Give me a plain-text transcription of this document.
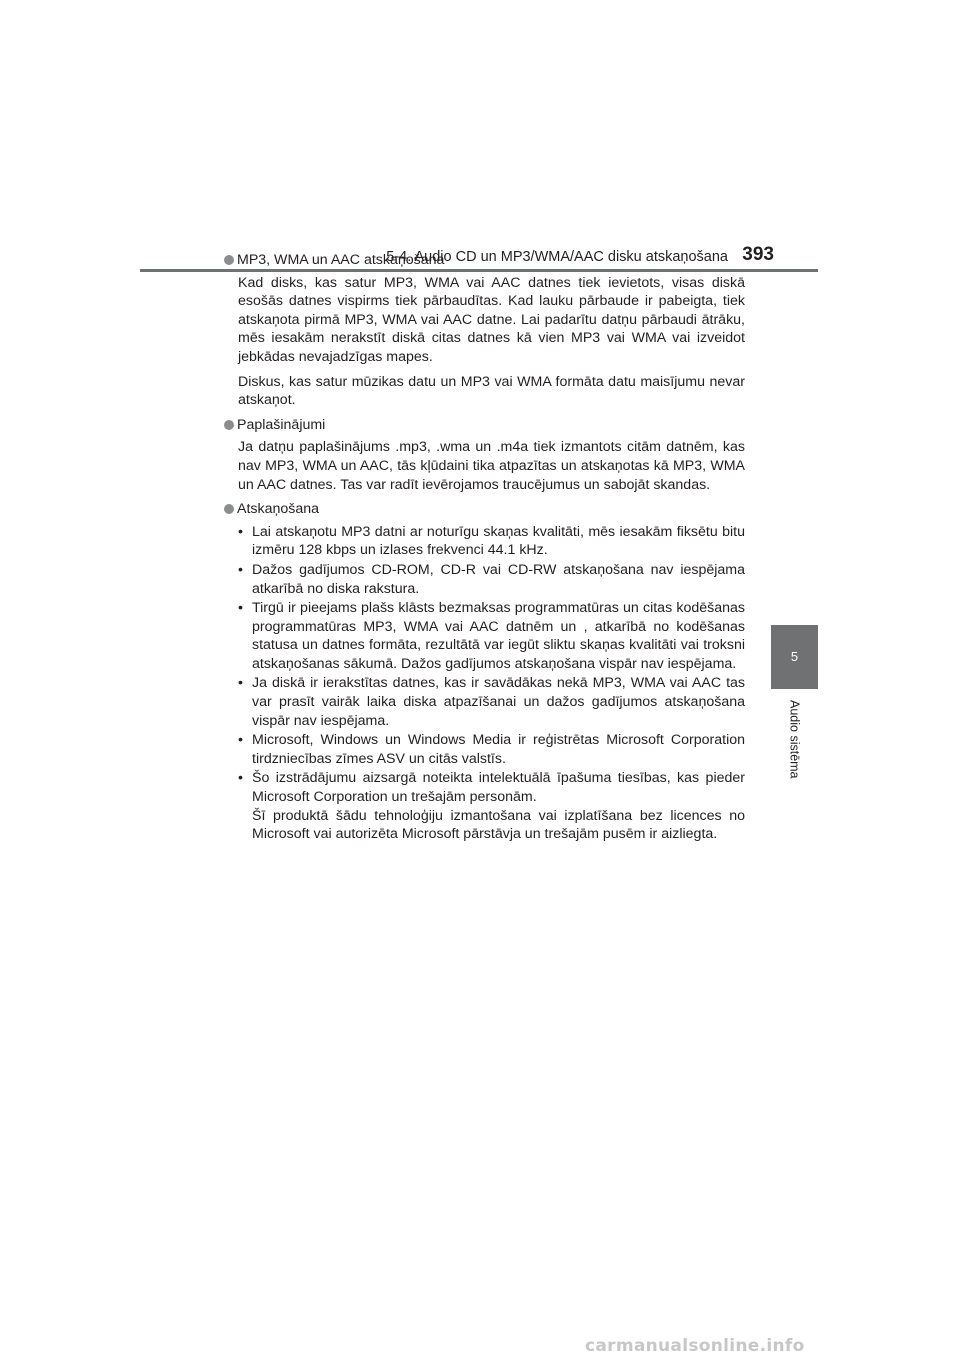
5-4. Audio CD un MP3/WMA/AAC disku atskaņošana 393
5
Audio sistēma
MP3, WMA un AAC atskaņošana
Kad disks, kas satur MP3, WMA vai AAC datnes tiek ievietots, visas diskā esošās datnes vispirms tiek pārbaudītas. Kad lauku pārbaude ir pabeigta, tiek atskaņota pirmā MP3, WMA vai AAC datne. Lai padarītu datņu pārbaudi ātrāku, mēs iesakām nerakstīt diskā citas datnes kā vien MP3 vai WMA vai izveidot jebkādas nevajadzīgas mapes.
Diskus, kas satur mūzikas datu un MP3 vai WMA formāta datu maisījumu nevar atskaņot.
Paplašinājumi
Ja datņu paplašinājums .mp3, .wma un .m4a tiek izmantots citām datnēm, kas nav MP3, WMA un AAC, tās kļūdaini tika atpazītas un atskaņotas kā MP3, WMA un AAC datnes. Tas var radīt ievērojamos traucējumus un sabojāt skandas.
Atskaņošana
• Lai atskaņotu MP3 datni ar noturīgu skaņas kvalitāti, mēs iesakām fiksētu bitu izmēru 128 kbps un izlases frekvenci 44.1 kHz.
• Dažos gadījumos CD-ROM, CD-R vai CD-RW atskaņošana nav iespējama atkarībā no diska rakstura.
• Tirgū ir pieejams plašs klāsts bezmaksas programmatūras un citas kodēšanas programmatūras MP3, WMA vai AAC datnēm un , atkarībā no kodēšanas statusa un datnes formāta, rezultātā var iegūt sliktu skaņas kvalitāti vai troksni atskaņošanas sākumā. Dažos gadījumos atskaņošana vispār nav iespējama.
• Ja diskā ir ierakstītas datnes, kas ir savādākas nekā MP3, WMA vai AAC tas var prasīt vairāk laika diska atpazīšanai un dažos gadījumos atskaņošana vispār nav iespējama.
• Microsoft, Windows un Windows Media ir reģistrētas Microsoft Corporation tirdzniecības zīmes ASV un citās valstīs.
• Šo izstrādājumu aizsargā noteikta intelektuālā īpašuma tiesības, kas pieder Microsoft Corporation un trešajām personām.
Šī produktā šādu tehnoloģiju izmantošana vai izplatīšana bez licences no Microsoft vai autorizēta Microsoft pārstāvja un trešajām pusēm ir aizliegta.
carmanualsonline.info
